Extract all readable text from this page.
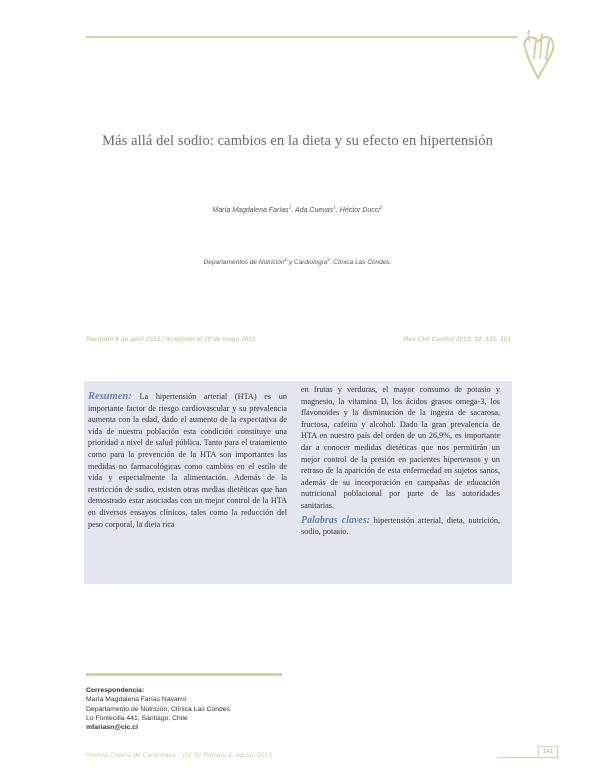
Más allá del sodio: cambios en la dieta y su efecto en hipertensión
María Magdalena Farías$^1$, Ada Cuevas$^1$, Héctor Ducci$^2$
Departamentos de Nutrición$^1$ y Cardiología$^2$, Clínica Las Condes.
Recibido 8 de abril 2013 / Aceptado el 29 de mayo 2013	Rev Chil Cardiol 2013; 32: 141- 151

Resumen: La hipertensión arterial (HTA) es un importante factor de riesgo cardiovascular y su prevalencia aumenta con la edad, dado el aumento de la expectativa de vida de nuestra población esta condición constituye una prioridad a nivel de salud pública. Tanto para el tratamiento como para la prevención de la HTA son importantes las medidas no farmacológicas como cambios en el estilo de vida y especialmente la alimentación. Además de la restricción de sodio, existen otras medias dietéticas que han demostrado estar asociadas con un mejor control de la HTA en diversos ensayos clínicos, tales como la reducción del peso corporal, la dieta rica

en frutas y verduras, el mayor consumo de potasio y magnesio, la vitamina D, los ácidos grasos omega-3, los flavonoides y la disminución de la ingesta de sacarosa, fructosa, cafeína y alcohol. Dado la gran prevalencia de HTA en nuestro país del orden de un 26,9%, es importante dar a conocer medidas dietéticas que nos permitirán un mejor control de la presión en pacientes hipertensos y un retraso de la aparición de esta enfermedad en sujetos sanos, además de su incorporación en campañas de educación nutricional poblacional por parte de las autoridades sanitarias.

Palabras claves: hipertensión arterial, dieta, nutrición, sodio, potasio.

Correspondencia:
María Magdalena Farías Navarro
Departamento de Nutrición, Clínica Las Condes
Lo Fontecilla 441, Santiago, Chile
mfariasn@clc.cl
Revista Chilena de Cardiología - Vol. 32 Número 2, Agosto 2013
141
